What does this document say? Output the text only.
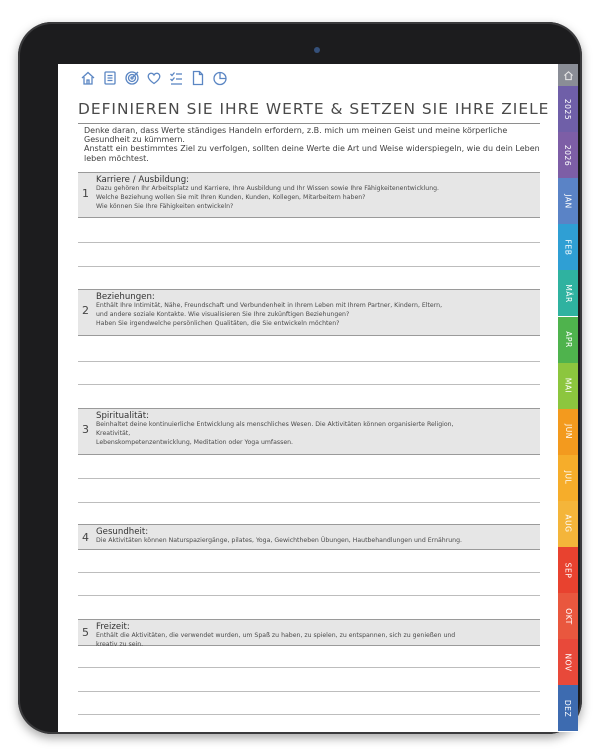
DEFINIEREN SIE IHRE WERTE & SETZEN SIE IHRE ZIELE

Denke daran, dass Werte ständiges Handeln erfordern, z.B. mich um meinen Geist und meine körperliche Gesundheit zu kümmern.

Anstatt ein bestimmtes Ziel zu verfolgen, sollten deine Werte die Art und Weise widerspiegeln, wie du dein Leben leben möchtest.

1
Karriere / Ausbildung:
Dazu gehören Ihr Arbeitsplatz und Karriere, Ihre Ausbildung und Ihr Wissen sowie Ihre Fähigkeitenentwicklung.
Welche Beziehung wollen Sie mit Ihren Kunden, Kunden, Kollegen, Mitarbeitern haben?
Wie können Sie Ihre Fähigkeiten entwickeln?
2
Beziehungen:
Enthält Ihre Intimität, Nähe, Freundschaft und Verbundenheit in Ihrem Leben mit Ihrem Partner, Kindern, Eltern,
und andere soziale Kontakte. Wie visualisieren Sie Ihre zukünftigen Beziehungen?
Haben Sie irgendwelche persönlichen Qualitäten, die Sie entwickeln möchten?
3
Spiritualität:
Beinhaltet deine kontinuierliche Entwicklung als menschliches Wesen. Die Aktivitäten können organisierte Religion,
Kreativität,
Lebenskompetenzentwicklung, Meditation oder Yoga umfassen.
4 Gesundheit:
Die Aktivitäten können Naturspaziergänge, pilates, Yoga, Gewichtheben Übungen, Hautbehandlungen und Ernährung.
5 Freizeit:
Enthält die Aktivitäten, die verwendet wurden, um Spaß zu haben, zu spielen, zu entspannen, sich zu genießen und
kreativ zu sein.
2025
2026
JAN
FEB
MÄR
APR
MAI
JUN
JUL
AUG
SEP
OKT
NOV
DEZ
